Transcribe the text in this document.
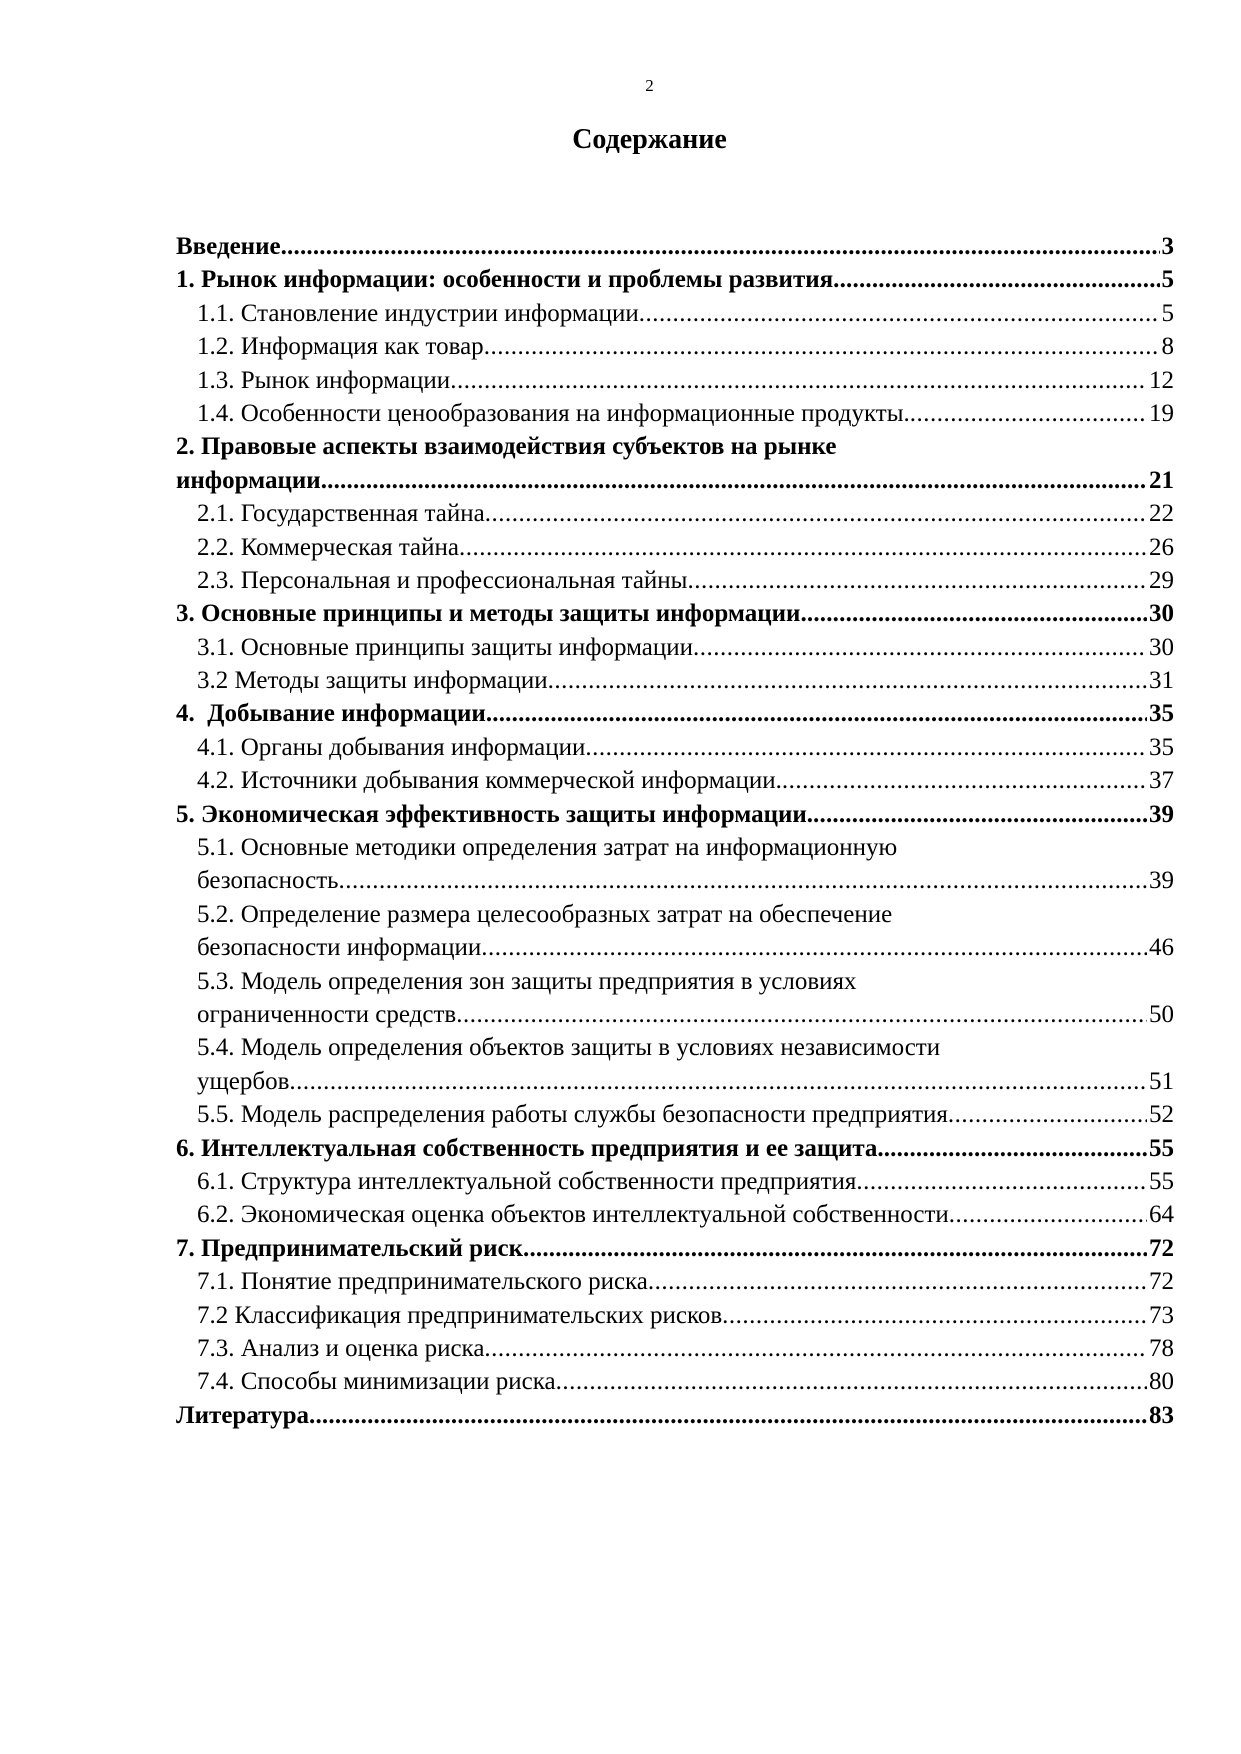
2
Содержание
Введение .....	3
1. Рынок информации: особенности и проблемы развития .....	5
1.1. Становление индустрии информации .....	5
1.2. Информация как товар .....	8
1.3. Рынок информации .....	12
1.4. Особенности ценообразования на информационные продукты. .....	19
2. Правовые аспекты взаимодействия субъектов на рынке
информации .....	21
2.1. Государственная тайна .....	22
2.2. Коммерческая тайна .....	26
2.3. Персональная и профессиональная тайны .....	29
3. Основные принципы и методы защиты информации .....	30
3.1. Основные принципы защиты информации .....	30
3.2 Методы защиты информации .....	31
4.  Добывание информации .....	35
4.1. Органы добывания информации .....	35
4.2. Источники добывания коммерческой информации. .....	37
5. Экономическая эффективность защиты информации. .....	39
5.1. Основные методики определения затрат на информационную
безопасность .....	39
5.2. Определение размера целесообразных затрат на обеспечение
безопасности информации .....	46
5.3. Модель определения зон защиты предприятия в условиях
ограниченности средств .....	50
5.4. Модель определения объектов защиты в условиях независимости
ущербов .....	51
5.5. Модель распределения работы службы безопасности предприятия .....	52
6. Интеллектуальная собственность предприятия и ее защита. .....	55
6.1. Структура интеллектуальной собственности предприятия .....	55
6.2. Экономическая оценка объектов интеллектуальной собственности .....	64
7. Предпринимательский риск .....	72
7.1. Понятие предпринимательского риска .....	72
7.2 Классификация предпринимательских рисков .....	73
7.3. Анализ и оценка риска .....	78
7.4. Способы минимизации риска .....	80
Литература .....	83
